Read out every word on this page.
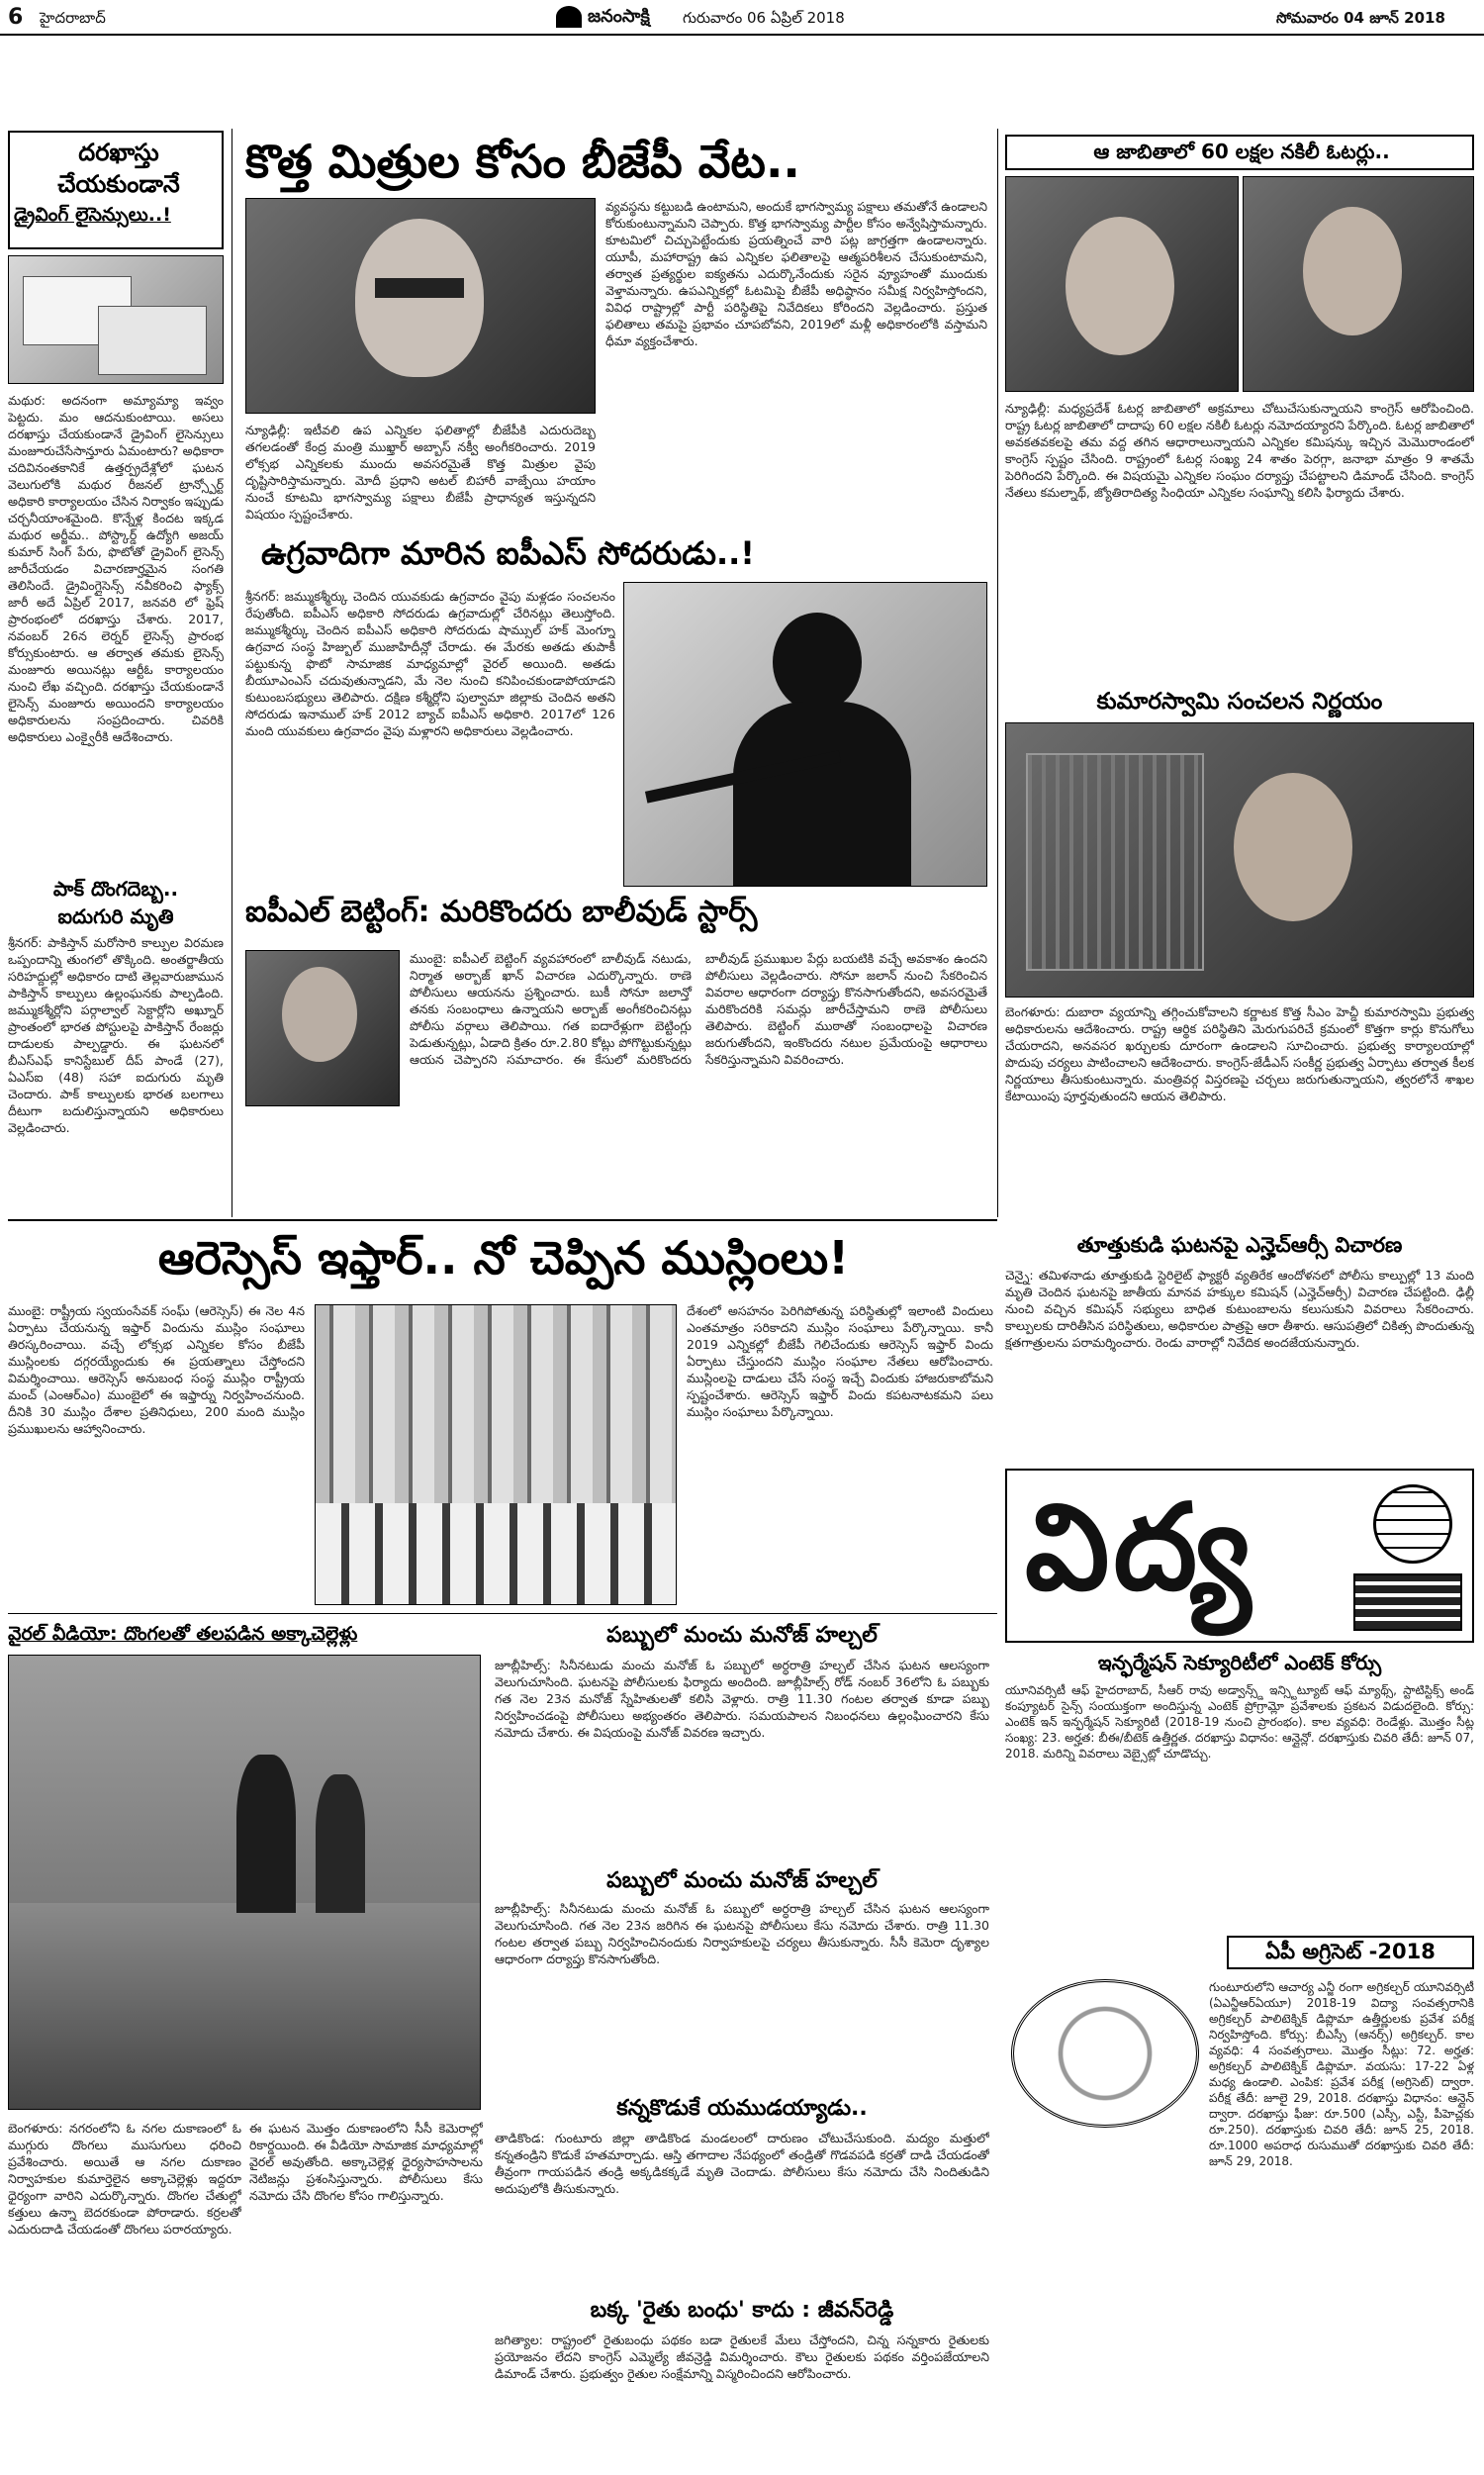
6 హైదరాబాద్	జనంసాక్షి గురువారం 06 ఏప్రిల్ 2018	సోమవారం 04 జూన్ 2018
దరఖాస్తు
చేయకుండానే
డ్రైవింగ్ లైసెన్సులు..!
మథుర: అదనంగా అమ్యామ్యా ఇవ్వం పెట్టదు. మం ఆదనుకుంటాయి. అసలు దరఖాస్తు చేయకుండానే డ్రైవింగ్ లైసెన్సులు మంజూరుచేసేసాన్తూరు ఏమంటారు? అధికారా చదివినంతకానికే ఉత్తర్ప్రదేశ్లోలో ఘటన వెలుగులోకి మథుర రీజనల్ ట్రాన్స్పోర్ట్ అధికారి కార్యాలయం చేసిన నిర్వాకం ఇప్పుడు చర్చనీయాంశమైంది. కొన్నేళ్ల కిందట ఇక్కడ మథుర అర్జీమ.. పోస్ట్కార్డ్ ఉద్యోగి అజయ్ కుమార్ సింగ్ పేరు, ఫొటోతో డ్రైవింగ్ లైసెన్స్ జారీచేయడం విచారణార్హమైన సంగతి తెలిసిందే. డ్రైవింగ్లైసెన్స్ నవీకరించి ఫ్యాక్స్ జారీ అదే ఏప్రిల్ 2017, జనవరి లో ఫ్రెష్ ప్రారంభంలో దరఖాస్తు చేశారు. 2017, నవంబర్ 26న లెర్నర్ లైసెన్స్ ప్రారంభ కోర్సుకుంటారు. ఆ తర్వాత తమకు లైసెన్స్ మంజూరు అయినట్లు ఆర్టీఓ కార్యాలయం నుంచి లేఖ వచ్చింది. దరఖాస్తు చేయకుండానే లైసెన్స్ మంజూరు అయిందని కార్యాలయం అధికారులను సంప్రదించారు. చివరికి అధికారులు ఎంక్వైరీకి ఆదేశించారు.
పాక్ దొంగదెబ్బ..
ఐదుగురి మృతి
శ్రీనగర్: పాకిస్తాన్ మరోసారి కాల్పుల విరమణ ఒప్పందాన్ని తుంగలో తొక్కింది. అంతర్జాతీయ సరిహద్దుల్లో అధికారం దాటి తెల్లవారుజామున పాకిస్తాన్ కాల్పులు ఉల్లంఘనకు పాల్పడింది. జమ్ముకశ్మీర్లోని పర్గాల్వాల్ సెక్టార్లోని అఖ్నూర్ ప్రాంతంలో భారత పోస్టులపై పాకిస్తాన్ రేంజర్లు దాడులకు పాల్పడ్డారు. ఈ ఘటనలో బీఎస్ఎఫ్ కానిస్టేబుల్ దీప్ పాండే (27), ఏఎస్ఐ (48) సహా ఐదుగురు మృతి చెందారు. పాక్ కాల్పులకు భారత బలగాలు దీటుగా బదులిస్తున్నాయని అధికారులు వెల్లడించారు.
కొత్త మిత్రుల కోసం బీజేపీ వేట..
న్యూఢిల్లీ: ఇటీవలి ఉప ఎన్నికల ఫలితాల్లో బీజేపీకి ఎదురుదెబ్బ తగలడంతో కేంద్ర మంత్రి ముఖ్తార్ అబ్బాస్ నక్వీ అంగీకరించారు. 2019 లోక్సభ ఎన్నికలకు ముందు అవసరమైతే కొత్త మిత్రుల వైపు దృష్టిసారిస్తామన్నారు. మోదీ ప్రధాని అటల్ బిహారీ వాజ్పేయి హయాం నుంచే కూటమి భాగస్వామ్య పక్షాలు బీజేపీ ప్రాధాన్యత ఇస్తున్నదని విషయం స్పష్టంచేశారు.
వ్యవస్థను కట్టుబడి ఉంటామని, అందుకే భాగస్వామ్య పక్షాలు తమతోనే ఉండాలని కోరుకుంటున్నామని చెప్పారు. కొత్త భాగస్వామ్య పార్టీల కోసం అన్వేషిస్తామన్నారు. కూటమిలో చిచ్చుపెట్టేందుకు ప్రయత్నించే వారి పట్ల జాగ్రత్తగా ఉండాలన్నారు. యూపీ, మహారాష్ట్ర ఉప ఎన్నికల ఫలితాలపై ఆత్మపరిశీలన చేసుకుంటామని, తర్వాత ప్రత్యర్థుల ఐక్యతను ఎదుర్కొనేందుకు సరైన వ్యూహంతో ముందుకు వెళ్తామన్నారు. ఉపఎన్నికల్లో ఓటమిపై బీజేపీ అధిష్ఠానం సమీక్ష నిర్వహిస్తోందని, వివిధ రాష్ట్రాల్లో పార్టీ పరిస్థితిపై నివేదికలు కోరిందని వెల్లడించారు. ప్రస్తుత ఫలితాలు తమపై ప్రభావం చూపబోవని, 2019లో మళ్లీ అధికారంలోకి వస్తామని ధీమా వ్యక్తంచేశారు.
ఉగ్రవాదిగా మారిన ఐపీఎస్ సోదరుడు..!
శ్రీనగర్: జమ్ముకశ్మీర్కు చెందిన యువకుడు ఉగ్రవాదం వైపు మళ్లడం సంచలనం రేపుతోంది. ఐపీఎస్ అధికారి సోదరుడు ఉగ్రవాదుల్లో చేరినట్లు తెలుస్తోంది. జమ్ముకశ్మీర్కు చెందిన ఐపీఎస్ అధికారి సోదరుడు షామ్సుల్ హక్ మెంగ్నూ ఉగ్రవాద సంస్థ హిజ్బుల్ ముజాహిదీన్లో చేరాడు. ఈ మేరకు అతడు తుపాకీ పట్టుకున్న ఫొటో సామాజిక మాధ్యమాల్లో వైరల్ అయింది. అతడు బీయూఎంఎస్ చదువుతున్నాడని, మే నెల నుంచి కనిపించకుండాపోయాడని కుటుంబసభ్యులు తెలిపారు. దక్షిణ కశ్మీర్లోని పుల్వామా జిల్లాకు చెందిన అతని సోదరుడు ఇనాముల్ హక్ 2012 బ్యాచ్ ఐపీఎస్ అధికారి. 2017లో 126 మంది యువకులు ఉగ్రవాదం వైపు మళ్లారని అధికారులు వెల్లడించారు.
ఐపీఎల్ బెట్టింగ్: మరికొందరు బాలీవుడ్ స్టార్స్
ముంబై: ఐపీఎల్ బెట్టింగ్ వ్యవహారంలో బాలీవుడ్ నటుడు, నిర్మాత అర్బాజ్ ఖాన్ విచారణ ఎదుర్కొన్నారు. ఠాణె పోలీసులు ఆయనను ప్రశ్నించారు. బుకీ సోనూ జలాన్తో తనకు సంబంధాలు ఉన్నాయని అర్బాజ్ అంగీకరించినట్లు పోలీసు వర్గాలు తెలిపాయి. గత ఐదారేళ్లుగా బెట్టింగ్లు పెడుతున్నట్లు, ఏడాది క్రితం రూ.2.80 కోట్లు పోగొట్టుకున్నట్లు ఆయన చెప్పారని సమాచారం. ఈ కేసులో మరికొందరు బాలీవుడ్ ప్రముఖుల పేర్లు బయటికి వచ్చే అవకాశం ఉందని పోలీసులు వెల్లడించారు. సోనూ జలాన్ నుంచి సేకరించిన వివరాల ఆధారంగా దర్యాప్తు కొనసాగుతోందని, అవసరమైతే మరికొందరికి సమన్లు జారీచేస్తామని ఠాణె పోలీసులు తెలిపారు. బెట్టింగ్ ముఠాతో సంబంధాలపై విచారణ జరుగుతోందని, ఇంకొందరు నటుల ప్రమేయంపై ఆధారాలు సేకరిస్తున్నామని వివరించారు.
ఆ జాబితాలో 60 లక్షల నకిలీ ఓటర్లు..
న్యూఢిల్లీ: మధ్యప్రదేశ్ ఓటర్ల జాబితాలో అక్రమాలు చోటుచేసుకున్నాయని కాంగ్రెస్ ఆరోపించింది. రాష్ట్ర ఓటర్ల జాబితాలో దాదాపు 60 లక్షల నకిలీ ఓటర్లు నమోదయ్యారని పేర్కొంది. ఓటర్ల జాబితాలో అవకతవకలపై తమ వద్ద తగిన ఆధారాలున్నాయని ఎన్నికల కమిషన్కు ఇచ్చిన మెమొరాండంలో కాంగ్రెస్ స్పష్టం చేసింది. రాష్ట్రంలో ఓటర్ల సంఖ్య 24 శాతం పెరగ్గా, జనాభా మాత్రం 9 శాతమే పెరిగిందని పేర్కొంది. ఈ విషయమై ఎన్నికల సంఘం దర్యాప్తు చేపట్టాలని డిమాండ్ చేసింది. కాంగ్రెస్ నేతలు కమల్నాథ్, జ్యోతిరాదిత్య సింధియా ఎన్నికల సంఘాన్ని కలిసి ఫిర్యాదు చేశారు.
కుమారస్వామి సంచలన నిర్ణయం
బెంగళూరు: దుబారా వ్యయాన్ని తగ్గించుకోవాలని కర్ణాటక కొత్త సీఎం హెచ్డీ కుమారస్వామి ప్రభుత్వ అధికారులను ఆదేశించారు. రాష్ట్ర ఆర్థిక పరిస్థితిని మెరుగుపరిచే క్రమంలో కొత్తగా కార్లు కొనుగోలు చేయరాదని, అనవసర ఖర్చులకు దూరంగా ఉండాలని సూచించారు. ప్రభుత్వ కార్యాలయాల్లో పొదుపు చర్యలు పాటించాలని ఆదేశించారు. కాంగ్రెస్-జేడీఎస్ సంకీర్ణ ప్రభుత్వ ఏర్పాటు తర్వాత కీలక నిర్ణయాలు తీసుకుంటున్నారు. మంత్రివర్గ విస్తరణపై చర్చలు జరుగుతున్నాయని, త్వరలోనే శాఖల కేటాయింపు పూర్తవుతుందని ఆయన తెలిపారు.
ఆరెస్సెస్ ఇఫ్తార్.. నో చెప్పిన ముస్లింలు!
ముంబై: రాష్ట్రీయ స్వయంసేవక్ సంఘ్ (ఆరెస్సెస్) ఈ నెల 4న ఏర్పాటు చేయనున్న ఇఫ్తార్ విందును ముస్లిం సంఘాలు తిరస్కరించాయి. వచ్చే లోక్సభ ఎన్నికల కోసం బీజేపీ ముస్లింలకు దగ్గరయ్యేందుకు ఈ ప్రయత్నాలు చేస్తోందని విమర్శించాయి. ఆరెస్సెస్ అనుబంధ సంస్థ ముస్లిం రాష్ట్రీయ మంచ్ (ఎంఆర్ఎం) ముంబైలో ఈ ఇఫ్తార్ను నిర్వహించనుంది. దీనికి 30 ముస్లిం దేశాల ప్రతినిధులు, 200 మంది ముస్లిం ప్రముఖులను ఆహ్వానించారు.
దేశంలో అసహనం పెరిగిపోతున్న పరిస్థితుల్లో ఇలాంటి విందులు ఎంతమాత్రం సరికాదని ముస్లిం సంఘాలు పేర్కొన్నాయి. కానీ 2019 ఎన్నికల్లో బీజేపీ గెలిచేందుకు ఆరెస్సెస్ ఇఫ్తార్ విందు ఏర్పాటు చేస్తుందని ముస్లిం సంఘాల నేతలు ఆరోపించారు. ముస్లింలపై దాడులు చేసే సంస్థ ఇచ్చే విందుకు హాజరుకాబోమని స్పష్టంచేశారు. ఆరెస్సెస్ ఇఫ్తార్ విందు కపటనాటకమని పలు ముస్లిం సంఘాలు పేర్కొన్నాయి.
తూత్తుకుడి ఘటనపై ఎన్హెచ్ఆర్సీ విచారణ
చెన్నై: తమిళనాడు తూత్తుకుడి స్టెరిలైట్ ఫ్యాక్టరీ వ్యతిరేక ఆందోళనలో పోలీసు కాల్పుల్లో 13 మంది మృతి చెందిన ఘటనపై జాతీయ మానవ హక్కుల కమిషన్ (ఎన్హెచ్ఆర్సీ) విచారణ చేపట్టింది. ఢిల్లీ నుంచి వచ్చిన కమిషన్ సభ్యులు బాధిత కుటుంబాలను కలుసుకుని వివరాలు సేకరించారు. కాల్పులకు దారితీసిన పరిస్థితులు, అధికారుల పాత్రపై ఆరా తీశారు. ఆసుపత్రిలో చికిత్స పొందుతున్న క్షతగాత్రులను పరామర్శించారు. రెండు వారాల్లో నివేదిక అందజేయనున్నారు.
విద్య
ఇన్ఫర్మేషన్ సెక్యూరిటీలో ఎంటెక్ కోర్సు
యూనివర్సిటీ ఆఫ్ హైదరాబాద్, సీఆర్ రావు అడ్వాన్స్డ్ ఇన్స్టిట్యూట్ ఆఫ్ మ్యాథ్స్, స్టాటిస్టిక్స్ అండ్ కంప్యూటర్ సైన్స్ సంయుక్తంగా అందిస్తున్న ఎంటెక్ ప్రోగ్రామ్లో ప్రవేశాలకు ప్రకటన విడుదలైంది. కోర్సు: ఎంటెక్ ఇన్ ఇన్ఫర్మేషన్ సెక్యూరిటీ (2018-19 నుంచి ప్రారంభం). కాల వ్యవధి: రెండేళ్లు. మొత్తం సీట్ల సంఖ్య: 23. అర్హత: బీఈ/బీటెక్ ఉత్తీర్ణత. దరఖాస్తు విధానం: ఆన్లైన్లో. దరఖాస్తుకు చివరి తేదీ: జూన్ 07, 2018. మరిన్ని వివరాలు వెబ్సైట్లో చూడొచ్చు.
ఏపీ అగ్రిసెట్ -2018
గుంటూరులోని ఆచార్య ఎన్జీ రంగా అగ్రికల్చర్ యూనివర్సిటీ (ఏఎన్జీఆర్ఏయూ) 2018-19 విద్యా సంవత్సరానికి అగ్రికల్చర్ పాలిటెక్నిక్ డిప్లొమా ఉత్తీర్ణులకు ప్రవేశ పరీక్ష నిర్వహిస్తోంది. కోర్సు: బీఎస్సీ (ఆనర్స్) అగ్రికల్చర్. కాల వ్యవధి: 4 సంవత్సరాలు. మొత్తం సీట్లు: 72. అర్హత: అగ్రికల్చర్ పాలిటెక్నిక్ డిప్లొమా. వయసు: 17-22 ఏళ్ల మధ్య ఉండాలి. ఎంపిక: ప్రవేశ పరీక్ష (అగ్రిసెట్) ద్వారా. పరీక్ష తేదీ: జూలై 29, 2018. దరఖాస్తు విధానం: ఆన్లైన్ ద్వారా. దరఖాస్తు ఫీజు: రూ.500 (ఎస్సీ, ఎస్టీ, పీహెచ్లకు రూ.250). దరఖాస్తుకు చివరి తేదీ: జూన్ 25, 2018. రూ.1000 అపరాధ రుసుముతో దరఖాస్తుకు చివరి తేదీ: జూన్ 29, 2018.
వైరల్ వీడియో: దొంగలతో తలపడిన అక్కాచెల్లెళ్లు
బెంగళూరు: నగరంలోని ఓ నగల దుకాణంలో ఓ ముగ్గురు దొంగలు ముసుగులు ధరించి ప్రవేశించారు. అయితే ఆ నగల దుకాణం నిర్వాహకుల కుమార్తెలైన అక్కాచెల్లెళ్లు ఇద్దరూ ధైర్యంగా వారిని ఎదుర్కొన్నారు. దొంగల చేతుల్లో కత్తులు ఉన్నా బెదరకుండా పోరాడారు. కర్రలతో ఎదురుదాడి చేయడంతో దొంగలు పరారయ్యారు.
ఈ ఘటన మొత్తం దుకాణంలోని సీసీ కెమెరాల్లో రికార్డయింది. ఈ వీడియో సామాజిక మాధ్యమాల్లో వైరల్ అవుతోంది. అక్కాచెల్లెళ్ల ధైర్యసాహసాలను నెటిజన్లు ప్రశంసిస్తున్నారు. పోలీసులు కేసు నమోదు చేసి దొంగల కోసం గాలిస్తున్నారు.
పబ్బులో మంచు మనోజ్ హల్చల్
జూబ్లీహిల్స్: సినీనటుడు మంచు మనోజ్ ఓ పబ్బులో అర్ధరాత్రి హల్చల్ చేసిన ఘటన ఆలస్యంగా వెలుగుచూసింది. ఘటనపై పోలీసులకు ఫిర్యాదు అందింది. జూబ్లీహిల్స్ రోడ్ నంబర్ 36లోని ఓ పబ్బుకు గత నెల 23న మనోజ్ స్నేహితులతో కలిసి వెళ్లారు. రాత్రి 11.30 గంటల తర్వాత కూడా పబ్బు నిర్వహించడంపై పోలీసులు అభ్యంతరం తెలిపారు. సమయపాలన నిబంధనలు ఉల్లంఘించారని కేసు నమోదు చేశారు. ఈ విషయంపై మనోజ్ వివరణ ఇచ్చారు.
పబ్బులో మంచు మనోజ్ హల్చల్
జూబ్లీహిల్స్: సినీనటుడు మంచు మనోజ్ ఓ పబ్బులో అర్ధరాత్రి హల్చల్ చేసిన ఘటన ఆలస్యంగా వెలుగుచూసింది. గత నెల 23న జరిగిన ఈ ఘటనపై పోలీసులు కేసు నమోదు చేశారు. రాత్రి 11.30 గంటల తర్వాత పబ్బు నిర్వహించినందుకు నిర్వాహకులపై చర్యలు తీసుకున్నారు. సీసీ కెమెరా దృశ్యాల ఆధారంగా దర్యాప్తు కొనసాగుతోంది.
కన్నకొడుకే యముడయ్యాడు..
తాడికొండ: గుంటూరు జిల్లా తాడికొండ మండలంలో దారుణం చోటుచేసుకుంది. మద్యం మత్తులో కన్నతండ్రిని కొడుకే హతమార్చాడు. ఆస్తి తగాదాల నేపథ్యంలో తండ్రితో గొడవపడి కర్రతో దాడి చేయడంతో తీవ్రంగా గాయపడిన తండ్రి అక్కడికక్కడే మృతి చెందాడు. పోలీసులు కేసు నమోదు చేసి నిందితుడిని అదుపులోకి తీసుకున్నారు.
బక్క 'రైతు బంధు' కాదు : జీవన్‌రెడ్డి
జగిత్యాల: రాష్ట్రంలో రైతుబంధు పథకం బడా రైతులకే మేలు చేస్తోందని, చిన్న సన్నకారు రైతులకు ప్రయోజనం లేదని కాంగ్రెస్ ఎమ్మెల్యే జీవన్రెడ్డి విమర్శించారు. కౌలు రైతులకు పథకం వర్తింపజేయాలని డిమాండ్ చేశారు. ప్రభుత్వం రైతుల సంక్షేమాన్ని విస్మరించిందని ఆరోపించారు.
